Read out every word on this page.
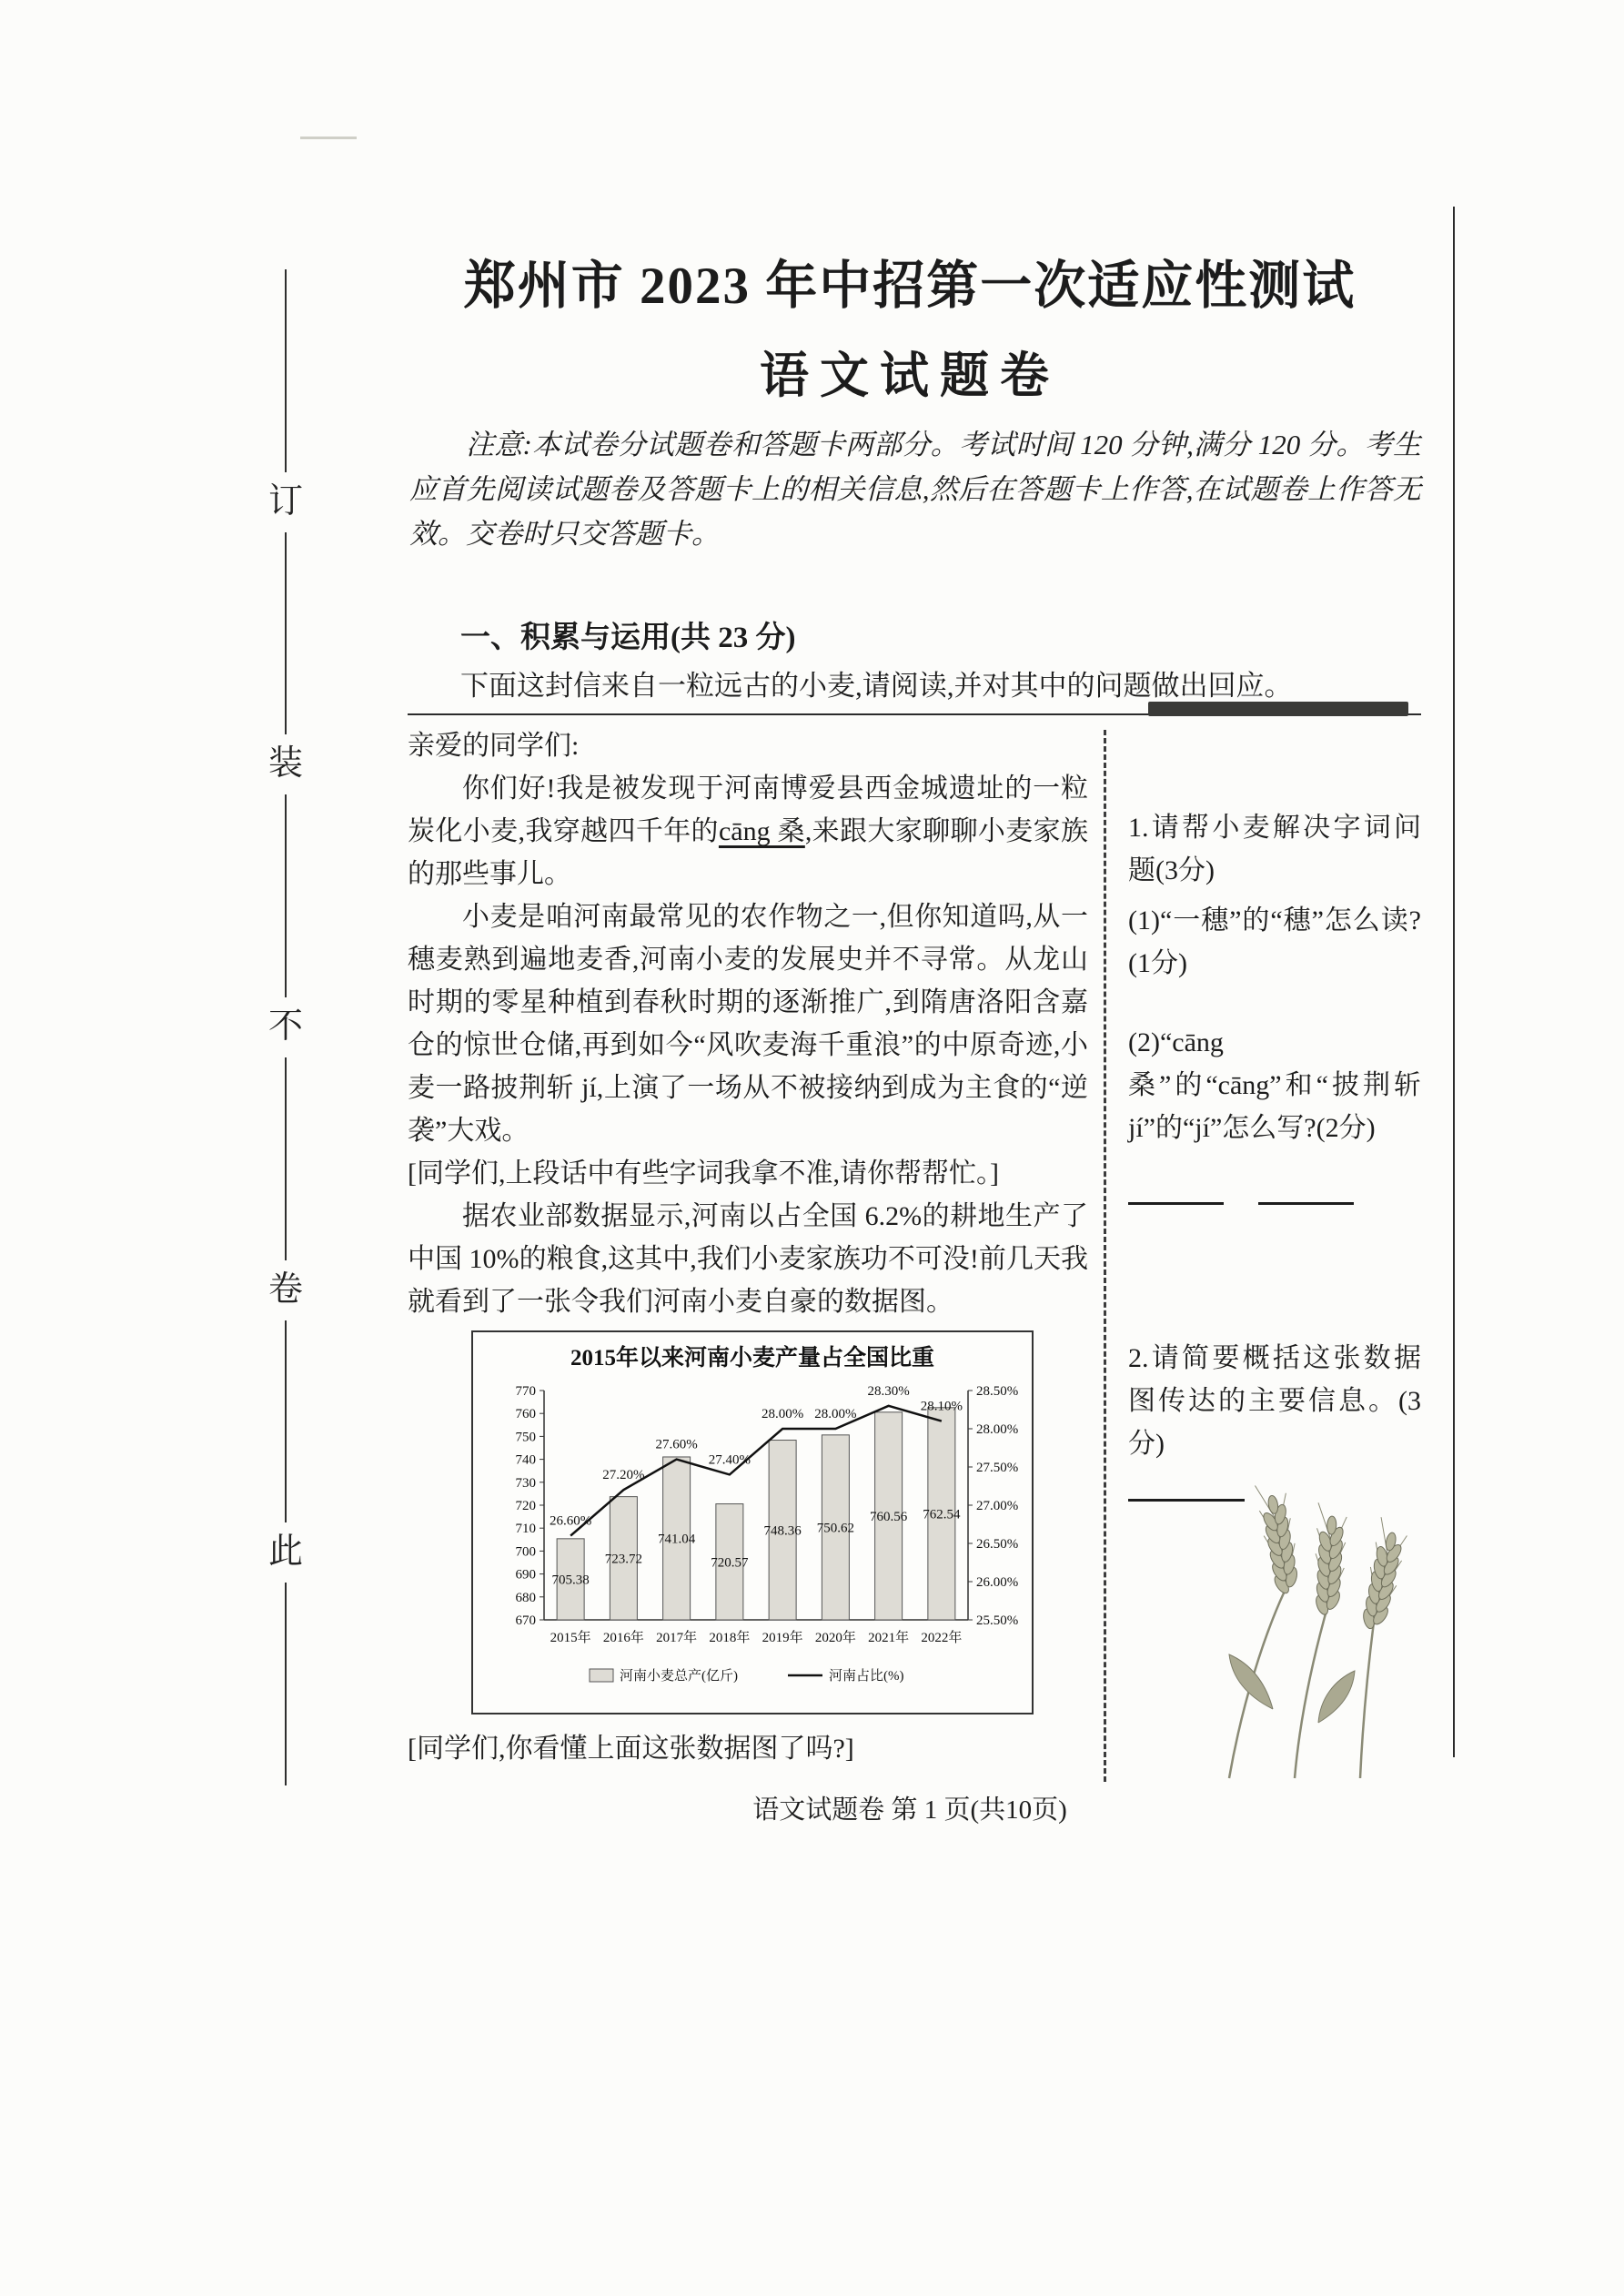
订
装
不
卷
此
郑州市 2023 年中招第一次适应性测试
语文试题卷

注意:本试卷分试题卷和答题卡两部分。考试时间 120 分钟,满分 120 分。考生应首先阅读试题卷及答题卡上的相关信息,然后在答题卡上作答,在试题卷上作答无效。交卷时只交答题卡。

一、积累与运用(共 23 分)
下面这封信来自一粒远古的小麦,请阅读,并对其中的问题做出回应。

亲爱的同学们:

你们好!我是被发现于河南博爱县西金城遗址的一粒炭化小麦,我穿越四千年的cāng 桑,来跟大家聊聊小麦家族的那些事儿。

小麦是咱河南最常见的农作物之一,但你知道吗,从一穗麦熟到遍地麦香,河南小麦的发展史并不寻常。从龙山时期的零星种植到春秋时期的逐渐推广,到隋唐洛阳含嘉仓的惊世仓储,再到如今“风吹麦海千重浪”的中原奇迹,小麦一路披荆斩 jí,上演了一场从不被接纳到成为主食的“逆袭”大戏。

[同学们,上段话中有些字词我拿不准,请你帮帮忙。]

据农业部数据显示,河南以占全国 6.2%的耕地生产了中国 10%的粮食,这其中,我们小麦家族功不可没!前几天我就看到了一张令我们河南小麦自豪的数据图。

2015年以来河南小麦产量占全国比重
770
760
750
740
730
720
710
700
690
680
670
28.50%
28.00%
27.50%
27.00%
26.50%
26.00%
25.50%
705.38
2015年
723.72
2016年
741.04
2017年
720.57
2018年
748.36
2019年
750.62
2020年
760.56
2021年
762.54
2022年
26.60%
27.20%
27.60%
27.40%
28.00% 28.00%
28.30%
28.10%
河南小麦总产(亿斤)	河南占比(%)

[同学们,你看懂上面这张数据图了吗?]

1.请帮小麦解决字词问题(3分)

(1)“一穗”的“穗”怎么读?(1分)

(2)“cāng 桑”的“cāng”和“披荆斩 jí”的“jí”怎么写?(2分)

2.请简要概括这张数据图传达的主要信息。(3分)

语文试题卷 第 1 页(共10页)
